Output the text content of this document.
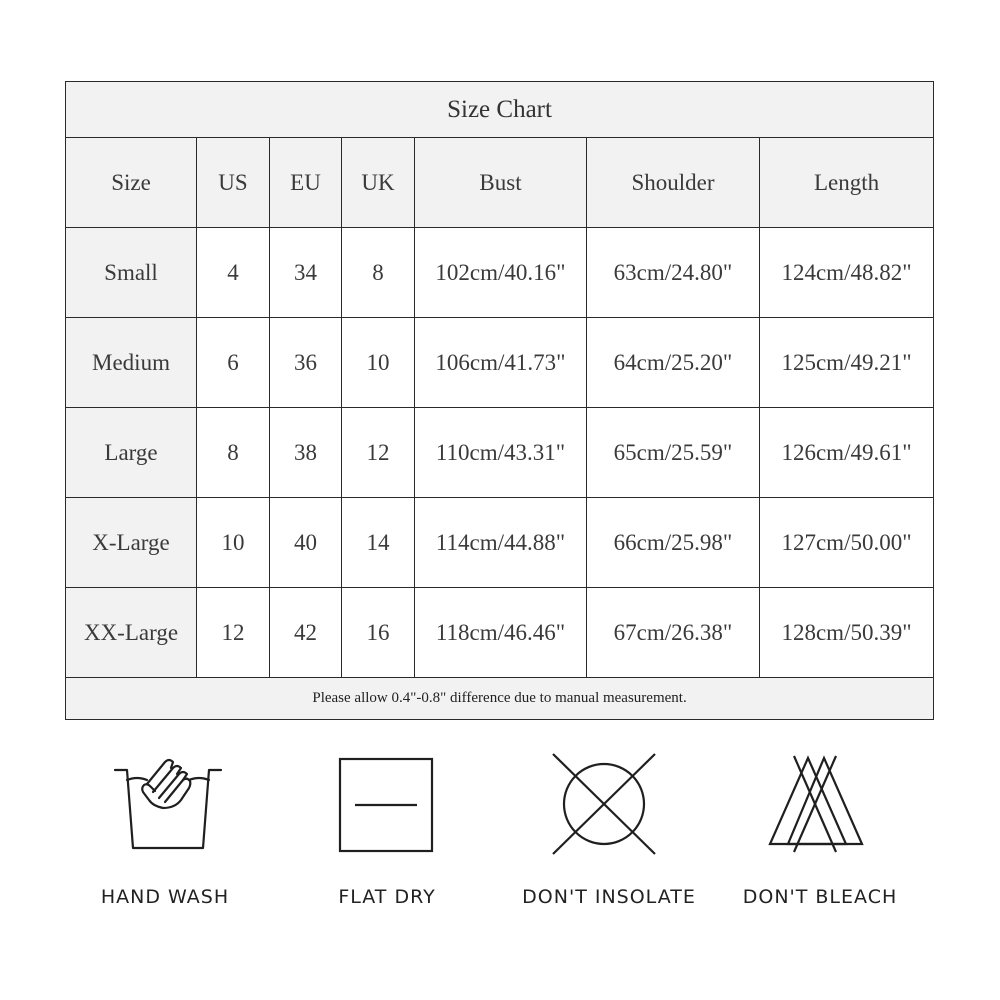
Size Chart						
Size	US	EU	UK	Bust	Shoulder	Length
Small	4	34	8	102cm/40.16"	63cm/24.80"	124cm/48.82"
Medium	6	36	10	106cm/41.73"	64cm/25.20"	125cm/49.21"
Large	8	38	12	110cm/43.31"	65cm/25.59"	126cm/49.61"
X-Large	10	40	14	114cm/44.88"	66cm/25.98"	127cm/50.00"
XX-Large	12	42	16	118cm/46.46"	67cm/26.38"	128cm/50.39"
Please allow 0.4"-0.8" difference due to manual measurement.						
HAND WASH	FLAT DRY	DON'T INSOLATE	DON'T BLEACH
